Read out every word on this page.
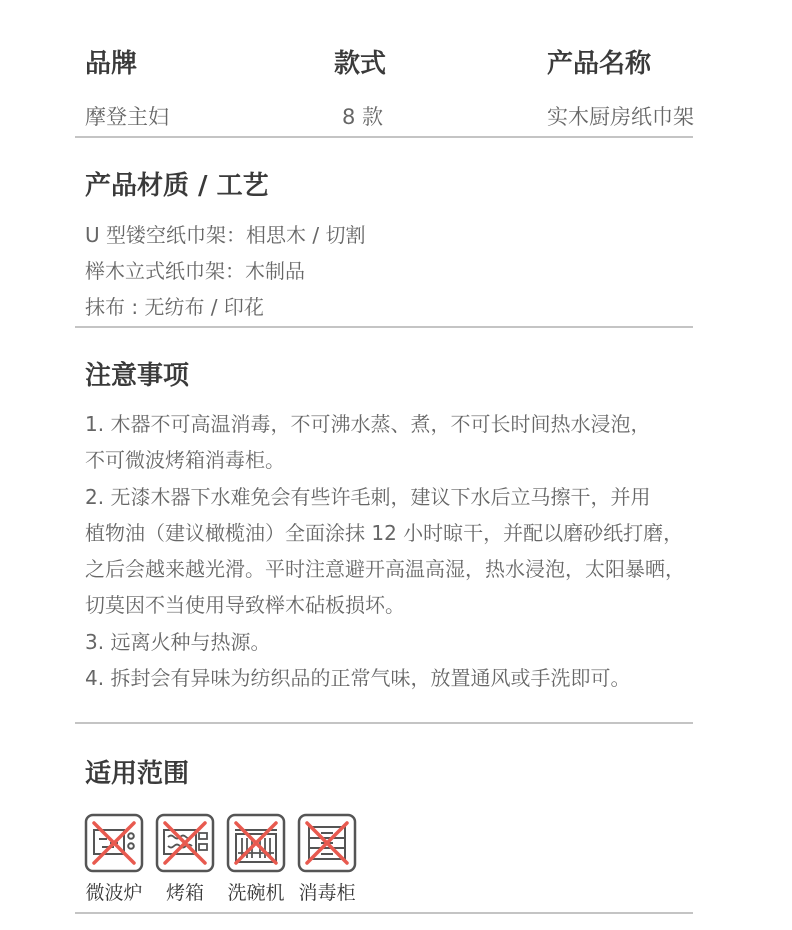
品牌	款式	产品名称
摩登主妇	8 款	实木厨房纸巾架
产品材质 / 工艺
U 型镂空纸巾架：相思木 / 切割
榉木立式纸巾架：木制品
抹布 : 无纺布 / 印花
注意事项
1. 木器不可高温消毒，不可沸水蒸、煮，不可长时间热水浸泡，
不可微波烤箱消毒柜。
2. 无漆木器下水难免会有些许毛刺，建议下水后立马擦干，并用
植物油（建议橄榄油）全面涂抹 12 小时晾干，并配以磨砂纸打磨，
之后会越来越光滑。平时注意避开高温高湿，热水浸泡，太阳暴晒，
切莫因不当使用导致榉木砧板损坏。
3. 远离火种与热源。
4. 拆封会有异味为纺织品的正常气味，放置通风或手洗即可。
适用范围
微波炉 烤箱 洗碗机 消毒柜
